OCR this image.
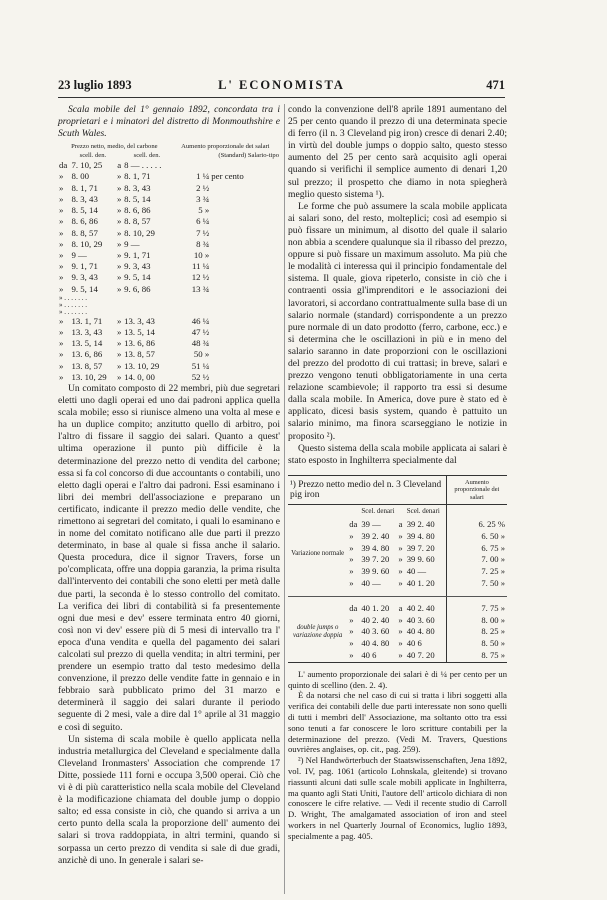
23 luglio 1893	L' ECONOMISTA	471

Scala mobile del 1° gennaio 1892, concordata tra i proprietari e i minatori del distretto di Monmouthshire e Scuth Wales.

Prezzo netto, medio, del carbone				Aumento proporzionale dei salari	
	scell. den.		scell. den.	(Standard) Salario-tipo	
da	7. 10, 25	a	8 — . . . . .		
»	8. 00	»	8. 1, 71	1 ¼	per cento
»	8. 1, 71	»	8. 3, 43	2 ½	
»	8. 3, 43	»	8. 5, 14	3 ¾	
»	8. 5, 14	»	8. 6, 86	5 »	
»	8. 6, 86	»	8. 8, 57	6 ¼	
»	8. 8, 57	»	8. 10, 29	7 ½	
»	8. 10, 29	»	9 —	8 ¾	
»	9 —	»	9. 1, 71	10 »	
»	9. 1, 71	»	9. 3, 43	11 ¼	
»	9. 3, 43	»	9. 5, 14	12 ½	
»	9. 5, 14	»	9. 6, 86	13 ¾	
» . . . . . . .					
» . . . . . . .					
» . . . . . . .					
»	13. 1, 71	»	13. 3, 43	46 ¼	
»	13. 3, 43	»	13. 5, 14	47 ½	
»	13. 5, 14	»	13. 6, 86	48 ¾	
»	13. 6, 86	»	13. 8, 57	50 »	
»	13. 8, 57	»	13. 10, 29	51 ¼	
»	13. 10, 29	»	14. 0, 00	52 ½	

Un comitato composto di 22 membri, più due segretari eletti uno dagli operai ed uno dai padroni applica quella scala mobile; esso si riunisce almeno una volta al mese e ha un duplice compito; anzitutto quello di arbitro, poi l'altro di fissare il saggio dei salari. Quanto a quest' ultima operazione il punto più difficile è la determinazione del prezzo netto di vendita del carbone; essa si fa col concorso di due accountants o contabili, uno eletto dagli operai e l'altro dai padroni. Essi esaminano i libri dei membri dell'associazione e preparano un certificato, indicante il prezzo medio delle vendite, che rimettono ai segretari del comitato, i quali lo esaminano e in nome del comitato notificano alle due parti il prezzo determinato, in base al quale si fissa anche il salario. Questa procedura, dice il signor Travers, forse un po'complicata, offre una doppia garanzia, la prima risulta dall'intervento dei contabili che sono eletti per metà dalle due parti, la seconda è lo stesso controllo del comitato. La verifica dei libri di contabilità si fa presentemente ogni due mesi e dev' essere terminata entro 40 giorni, così non vi dev' essere più di 5 mesi di intervallo tra l' epoca d'una vendita e quella del pagamento dei salari calcolati sul prezzo di quella vendita; in altri termini, per prendere un esempio tratto dal testo medesimo della convenzione, il prezzo delle vendite fatte in gennaio e in febbraio sarà pubblicato primo del 31 marzo e determinerà il saggio dei salari durante il periodo seguente di 2 mesi, vale a dire dal 1° aprile al 31 maggio e così di seguito.

Un sistema di scala mobile è quello applicata nella industria metallurgica del Cleveland e specialmente dalla Cleveland Ironmasters' Association che comprende 17 Ditte, possiede 111 forni e occupa 3,500 operai. Ciò che vi è di più caratteristico nella scala mobile del Cleveland è la modificazione chiamata del double jump o doppio salto; ed essa consiste in ciò, che quando si arriva a un certo punto della scala la proporzione dell' aumento dei salari si trova raddoppiata, in altri termini, quando si sorpassa un certo prezzo di vendita si sale di due gradi, anzichè di uno. In generale i salari se-

condo la convenzione dell'8 aprile 1891 aumentano del 25 per cento quando il prezzo di una determinata specie di ferro (il n. 3 Cleveland pig iron) cresce di denari 2.40; in virtù del double jumps o doppio salto, questo stesso aumento del 25 per cento sarà acquisito agli operai quando si verifichi il semplice aumento di denari 1,20 sul prezzo; il prospetto che diamo in nota spiegherà meglio questo sistema ¹).

Le forme che può assumere la scala mobile applicata ai salari sono, del resto, molteplici; così ad esempio si può fissare un minimum, al disotto del quale il salario non abbia a scendere qualunque sia il ribasso del prezzo, oppure si può fissare un maximum assoluto. Ma più che le modalità ci interessa qui il principio fondamentale del sistema. Il quale, giova ripeterlo, consiste in ciò che i contraenti ossia gl'imprenditori e le associazioni dei lavoratori, si accordano contrattualmente sulla base di un salario normale (standard) corrispondente a un prezzo pure normale di un dato prodotto (ferro, carbone, ecc.) e si determina che le oscillazioni in più e in meno del salario saranno in date proporzioni con le oscillazioni del prezzo del prodotto di cui trattasi; in breve, salari e prezzo vengono tenuti obbligatoriamente in una certa relazione scambievole; il rapporto tra essi si desume dalla scala mobile. In America, dove pure è stato ed è applicato, dicesi basis system, quando è pattuito un salario minimo, ma finora scarseggiano le notizie in proposito ²).

Questo sistema della scala mobile applicata ai salari è stato esposto in Inghilterra specialmente dal

¹) Prezzo netto medio del n. 3 Cleveland pig iron						Aumento proporzionale dei salari
		Scel. denari		Scel. denari		
Variazione normale	da	39 —	a	39 2. 40		6. 25 %
	»	39 2. 40	»	39 4. 80		6. 50 »
	»	39 4. 80	»	39 7. 20		6. 75 »
	»	39 7. 20	»	39 9. 60		7. 00 »
	»	39 9. 60	»	40 —		7. 25 »
	»	40 —	»	40 1. 20		7. 50 »

double jumps o variazione doppia	da	40 1. 20	a	40 2. 40		7. 75 »
	»	40 2. 40	»	40 3. 60		8. 00 »
	»	40 3. 60	»	40 4. 80		8. 25 »
	»	40 4. 80	»	40 6		8. 50 »
	»	40 6	»	40 7. 20		8. 75 »

L' aumento proporzionale dei salari è di ¼ per cento per un quinto di scellino (den. 2. 4).

È da notarsi che nel caso di cui si tratta i libri soggetti alla verifica dei contabili delle due parti interessate non sono quelli di tutti i membri dell' Associazione, ma soltanto otto tra essi sono tenuti a far conoscere le loro scritture contabili per la determinazione del prezzo. (Vedi M. Travers, Questions ouvrières anglaises, op. cit., pag. 259).

²) Nel Handwörterbuch der Staatswissenschaften, Jena 1892, vol. IV, pag. 1061 (articolo Lohnskala, gleitende) si trovano riassunti alcuni dati sulle scale mobili applicate in Inghilterra, ma quanto agli Stati Uniti, l'autore dell' articolo dichiara di non conoscere le cifre relative. — Vedi il recente studio di Carroll D. Wright, The amalgamated association of iron and steel workers in nel Quarterly Journal of Economics, luglio 1893, specialmente a pag. 405.
